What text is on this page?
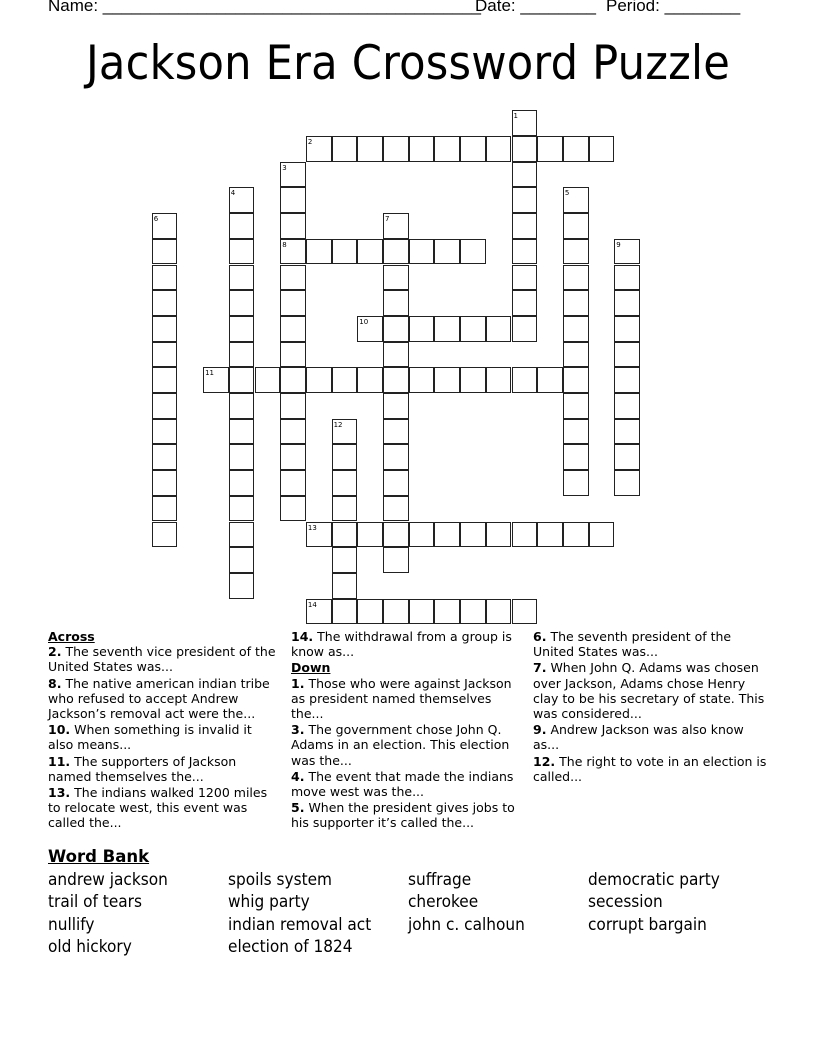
Name: ________________________________________
Date: ________ Period: ________
Jackson Era Crossword Puzzle
1
2
3
8
4	5
6	7
9
10
11
12
13
14
Across
2. The seventh vice president of the United States was...
8. The native american indian tribe who refused to accept Andrew Jackson’s removal act were the...
10. When something is invalid it also means...
11. The supporters of Jackson named themselves the...
13. The indians walked 1200 miles to relocate west, this event was called the...
14. The withdrawal from a group is know as...
Down
1. Those who were against Jackson as president named themselves the...
3. The government chose John Q. Adams in an election. This election was the...
4. The event that made the indians move west was the...
5. When the president gives jobs to his supporter it’s called the...
6. The seventh president of the United States was...
7. When John Q. Adams was chosen over Jackson, Adams chose Henry clay to be his secretary of state. This was considered...
9. Andrew Jackson was also know as...
12. The right to vote in an election is called...
Word Bank
andrew jackson	spoils system	suffrage	democratic party
trail of tears	whig party	cherokee	secession
nullify	indian removal act	john c. calhoun	corrupt bargain
old hickory	election of 1824
